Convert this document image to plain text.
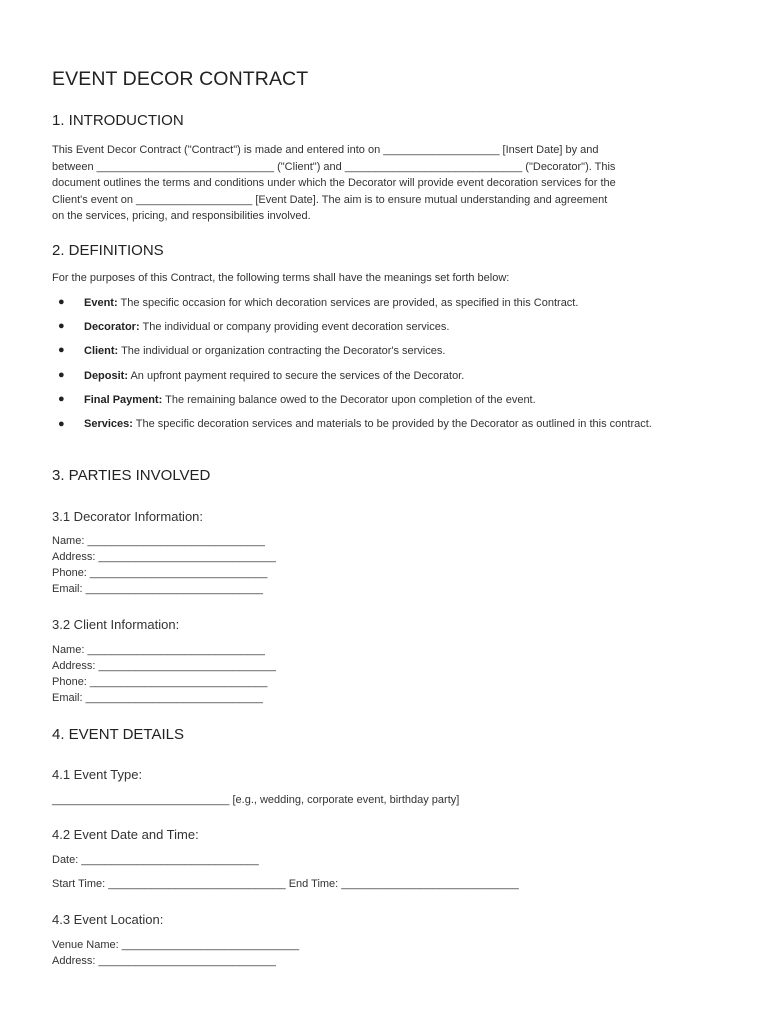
EVENT DECOR CONTRACT
1. INTRODUCTION
This Event Decor Contract ("Contract") is made and entered into on ___________________ [Insert Date] by and
between _____________________________ ("Client") and _____________________________ ("Decorator"). This
document outlines the terms and conditions under which the Decorator will provide event decoration services for the
Client's event on ___________________ [Event Date]. The aim is to ensure mutual understanding and agreement
on the services, pricing, and responsibilities involved.
2. DEFINITIONS

For the purposes of this Contract, the following terms shall have the meanings set forth below:

● Event: The specific occasion for which decoration services are provided, as specified in this Contract.

● Decorator: The individual or company providing event decoration services.

● Client: The individual or organization contracting the Decorator's services.

● Deposit: An upfront payment required to secure the services of the Decorator.

● Final Payment: The remaining balance owed to the Decorator upon completion of the event.

● Services: The specific decoration services and materials to be provided by the Decorator as outlined in this contract.

3. PARTIES INVOLVED
3.1 Decorator Information:

Name: _____________________________

Address: _____________________________

Phone: _____________________________

Email: _____________________________

3.2 Client Information:

Name: _____________________________

Address: _____________________________

Phone: _____________________________

Email: _____________________________

4. EVENT DETAILS
4.1 Event Type:

_____________________________ [e.g., wedding, corporate event, birthday party]

4.2 Event Date and Time:

Date: _____________________________

Start Time: _____________________________ End Time: _____________________________

4.3 Event Location:

Venue Name: _____________________________

Address: _____________________________
